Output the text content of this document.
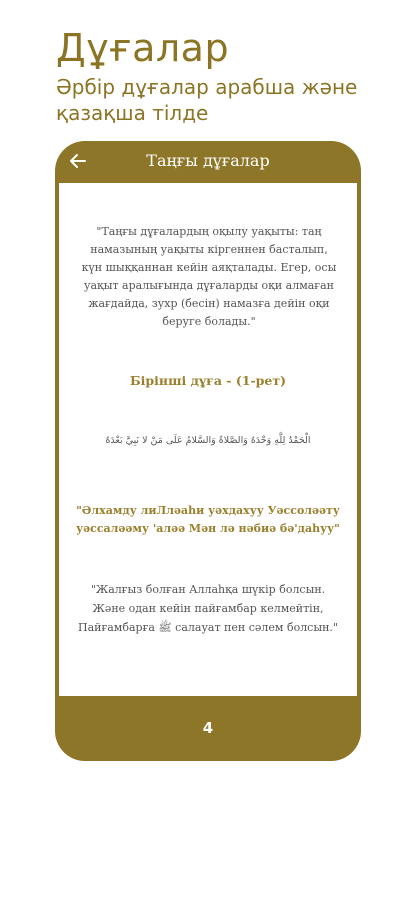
Дұғалар

Әрбір дұғалар арабша және қазақша тілде

Таңғы дұғалар

"Таңғы дұғалардың оқылу уақыты: таң намазының уақыты кіргеннен басталып, күн шыққаннан кейін аяқталады. Егер, осы уақыт аралығында дұғаларды оқи алмаған жағдайда, зухр (бесін) намазға дейін оқи беруге болады."

Бірінші дұға - (1-рет)

الْحَمْدُ لِلَّهِ وَحْدَهُ وَالصَّلاةُ وَالسَّلامُ عَلَى مَنْ لا نَبِيَّ بَعْدَهُ

"Әлхамду лиЛләаһи уәхдахуу Уәссоләәту уәссаләәму 'аләә Мән лә нәбиә бә'даһуу"

"Жалғыз болған Аллаһқа шүкір болсын. Және одан кейін пайғамбар келмейтін, Пайғамбарға ﷺ салауат пен сәлем болсын."

4
